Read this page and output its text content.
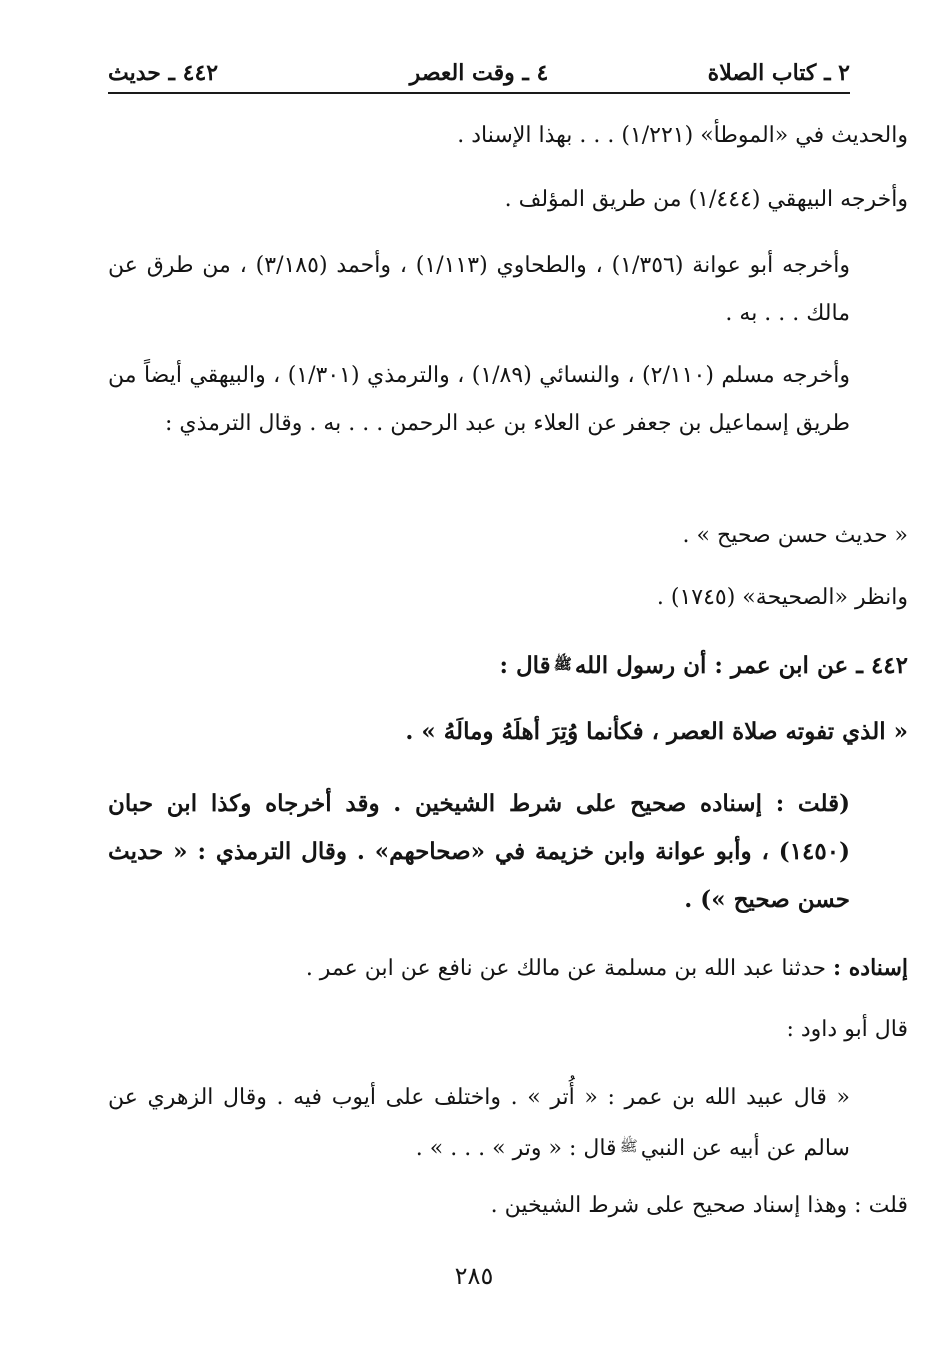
٢ ـ كتاب الصلاة
٤ ـ وقت العصر
٤٤٢ ـ حديث

والحديث في «الموطأ» (١/٢٢١) . . . بهذا الإسناد .

وأخرجه البيهقي (١/٤٤٤) من طريق المؤلف .

وأخرجه أبو عوانة (١/٣٥٦) ، والطحاوي (١/١١٣) ، وأحمد (٣/١٨٥) ، من طرق عن مالك . . . به .

وأخرجه مسلم (٢/١١٠) ، والنسائي (١/٨٩) ، والترمذي (١/٣٠١) ، والبيهقي أيضاً من طريق إسماعيل بن جعفر عن العلاء بن عبد الرحمن . . . به . وقال الترمذي :

« حديث حسن صحيح » .

وانظر «الصحيحة» (١٧٤٥) .

٤٤٢ ـ عن ابن عمر : أن رسول اللهﷺقال :

« الذي تفوته صلاة العصر ، فكأنما وُتِرَ أهلَهُ ومالَهُ » .

(قلت : إسناده صحيح على شرط الشيخين . وقد أخرجاه وكذا ابن حبان (١٤٥٠) ، وأبو عوانة وابن خزيمة في «صحاحهم» . وقال الترمذي : « حديث حسن صحيح ») .

إسناده : حدثنا عبد الله بن مسلمة عن مالك عن نافع عن ابن عمر .

قال أبو داود :

« قال عبيد الله بن عمر : « أُتر » . واختلف على أيوب فيه . وقال الزهري عن سالم عن أبيه عن النبيﷺقال : « وتر » . . . » .

قلت : وهذا إسناد صحيح على شرط الشيخين .

٢٨٥
